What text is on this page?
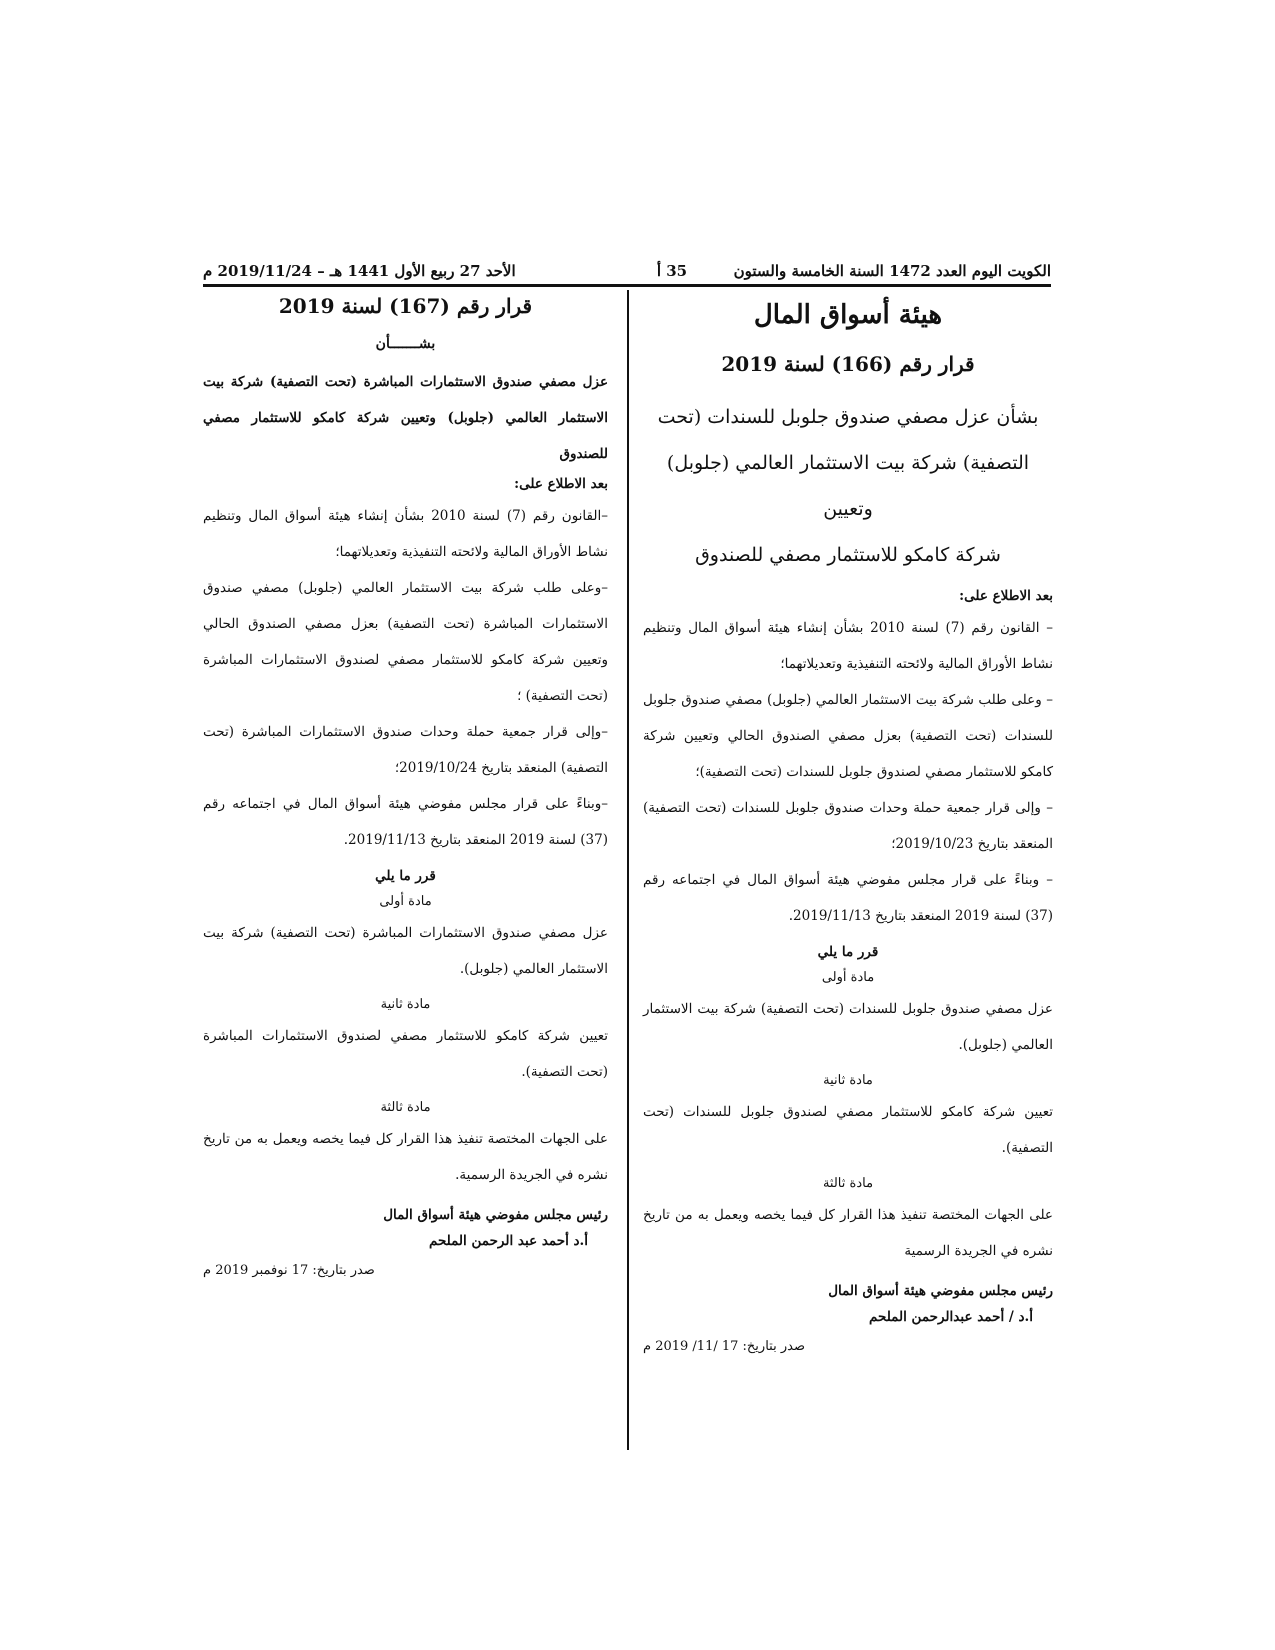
الكويت اليوم العدد 1472 السنة الخامسة والستون
35 أ
الأحد 27 ربيع الأول 1441 هـ – 2019/11/24 م
هيئة أسواق المال
قرار رقم (166) لسنة 2019
بشأن عزل مصفي صندوق جلوبل للسندات (تحت
التصفية) شركة بيت الاستثمار العالمي (جلوبل) وتعيين
شركة كامكو للاستثمار مصفي للصندوق
بعد الاطلاع على:

– القانون رقم (7) لسنة 2010 بشأن إنشاء هيئة أسواق المال وتنظيم نشاط الأوراق المالية ولائحته التنفيذية وتعديلاتهما؛

– وعلى طلب شركة بيت الاستثمار العالمي (جلوبل) مصفي صندوق جلوبل للسندات (تحت التصفية) بعزل مصفي الصندوق الحالي وتعيين شركة كامكو للاستثمار مصفي لصندوق جلوبل للسندات (تحت التصفية)؛

– وإلى قرار جمعية حملة وحدات صندوق جلوبل للسندات (تحت التصفية) المنعقد بتاريخ 2019/10/23؛

– وبناءً على قرار مجلس مفوضي هيئة أسواق المال في اجتماعه رقم (37) لسنة 2019 المنعقد بتاريخ 2019/11/13.

قرر ما يلي
مادة أولى

عزل مصفي صندوق جلوبل للسندات (تحت التصفية) شركة بيت الاستثمار العالمي (جلوبل).

مادة ثانية

تعيين شركة كامكو للاستثمار مصفي لصندوق جلوبل للسندات (تحت التصفية).

مادة ثالثة

على الجهات المختصة تنفيذ هذا القرار كل فيما يخصه ويعمل به من تاريخ نشره في الجريدة الرسمية

رئيس مجلس مفوضي هيئة أسواق المال
أ.د / أحمد عبدالرحمن الملحم
صدر بتاريخ: 17 /11/ 2019 م
قرار رقم (167) لسنة 2019
بشـــــــأن

عزل مصفي صندوق الاستثمارات المباشرة (تحت التصفية) شركة بيت الاستثمار العالمي (جلوبل) وتعيين شركة كامكو للاستثمار مصفي للصندوق

بعد الاطلاع على:

–القانون رقم (7) لسنة 2010 بشأن إنشاء هيئة أسواق المال وتنظيم نشاط الأوراق المالية ولائحته التنفيذية وتعديلاتهما؛

–وعلى طلب شركة بيت الاستثمار العالمي (جلوبل) مصفي صندوق الاستثمارات المباشرة (تحت التصفية) بعزل مصفي الصندوق الحالي وتعيين شركة كامكو للاستثمار مصفي لصندوق الاستثمارات المباشرة (تحت التصفية) ؛

–وإلى قرار جمعية حملة وحدات صندوق الاستثمارات المباشرة (تحت التصفية) المنعقد بتاريخ 2019/10/24؛

–وبناءً على قرار مجلس مفوضي هيئة أسواق المال في اجتماعه رقم (37) لسنة 2019 المنعقد بتاريخ 2019/11/13.

قرر ما يلي
مادة أولى

عزل مصفي صندوق الاستثمارات المباشرة (تحت التصفية) شركة بيت الاستثمار العالمي (جلوبل).

مادة ثانية

تعيين شركة كامكو للاستثمار مصفي لصندوق الاستثمارات المباشرة (تحت التصفية).

مادة ثالثة

على الجهات المختصة تنفيذ هذا القرار كل فيما يخصه ويعمل به من تاريخ نشره في الجريدة الرسمية.

رئيس مجلس مفوضي هيئة أسواق المال
أ.د أحمد عبد الرحمن الملحم
صدر بتاريخ: 17 نوفمبر 2019 م
